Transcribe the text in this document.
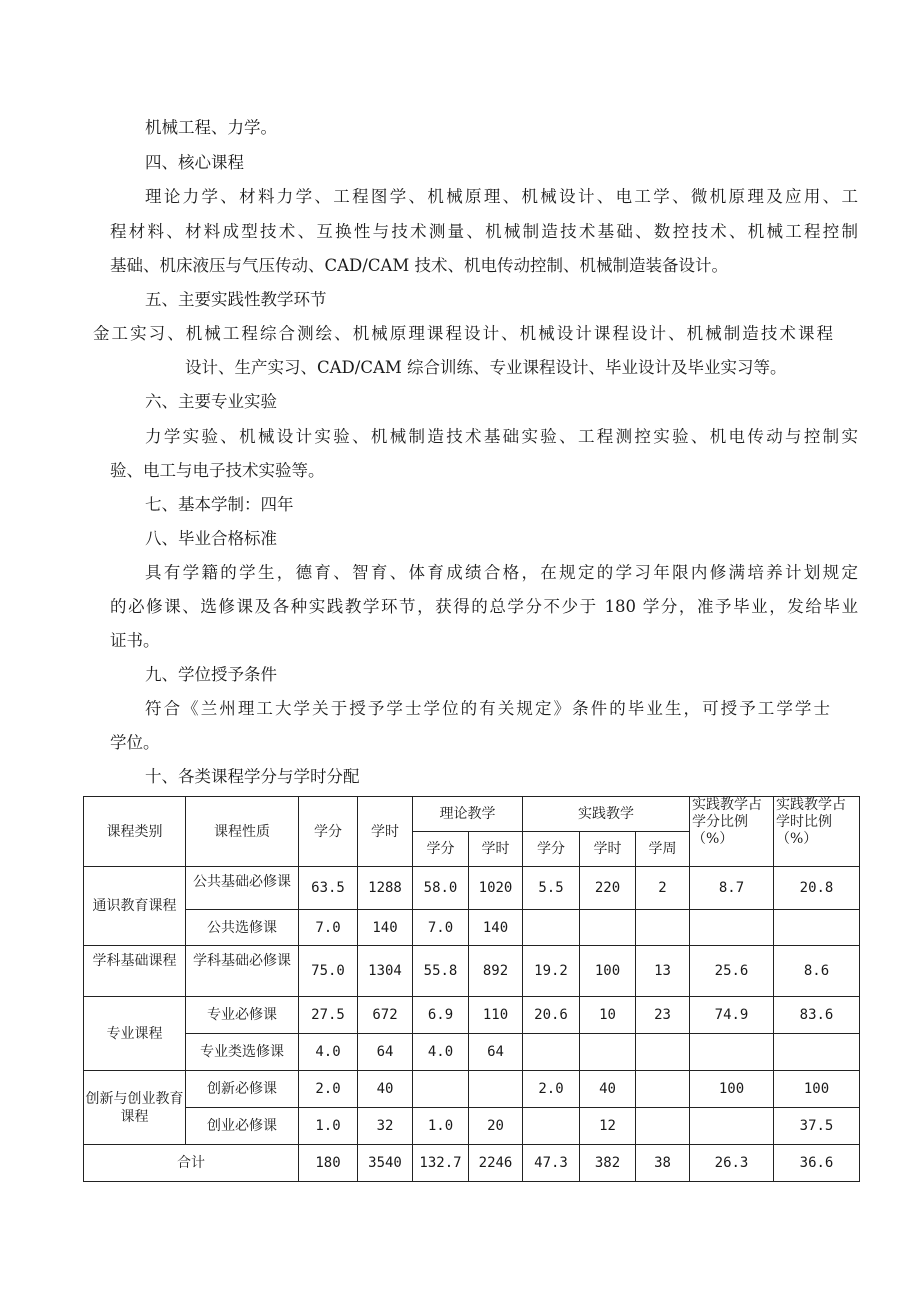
机械工程、力学。
四、核心课程
理论力学、材料力学、工程图学、机械原理、机械设计、电工学、微机原理及应用、工
程材料、材料成型技术、互换性与技术测量、机械制造技术基础、数控技术、机械工程控制
基础、机床液压与气压传动、CAD/CAM 技术、机电传动控制、机械制造装备设计。
五、主要实践性教学环节
金工实习、机械工程综合测绘、机械原理课程设计、机械设计课程设计、机械制造技术课程
设计、生产实习、CAD/CAM 综合训练、专业课程设计、毕业设计及毕业实习等。
六、主要专业实验
力学实验、机械设计实验、机械制造技术基础实验、工程测控实验、机电传动与控制实
验、电工与电子技术实验等。
七、基本学制：四年
八、毕业合格标准
具有学籍的学生，德育、智育、体育成绩合格，在规定的学习年限内修满培养计划规定
的必修课、选修课及各种实践教学环节，获得的总学分不少于 180 学分，准予毕业，发给毕业
证书。
九、学位授予条件
符合《兰州理工大学关于授予学士学位的有关规定》条件的毕业生，可授予工学学士
学位。
十、各类课程学分与学时分配
课程类别	课程性质	学分	学时	理论教学		实践教学			实践教学占学分比例（%）	实践教学占学时比例（%）
				学分	学时	学分	学时	学周		
通识教育课程	公共基础必修课	63.5	1288	58.0	1020	5.5	220	2	8.7	20.8
	公共选修课	7.0	140	7.0	140					
学科基础课程	学科基础必修课	75.0	1304	55.8	892	19.2	100	13	25.6	8.6
专业课程	专业必修课	27.5	672	6.9	110	20.6	10	23	74.9	83.6
	专业类选修课	4.0	64	4.0	64					
创新与创业教育课程	创新必修课	2.0	40			2.0	40		100	100
	创业必修课	1.0	32	1.0	20		12			37.5
合计		180	3540	132.7	2246	47.3	382	38	26.3	36.6
